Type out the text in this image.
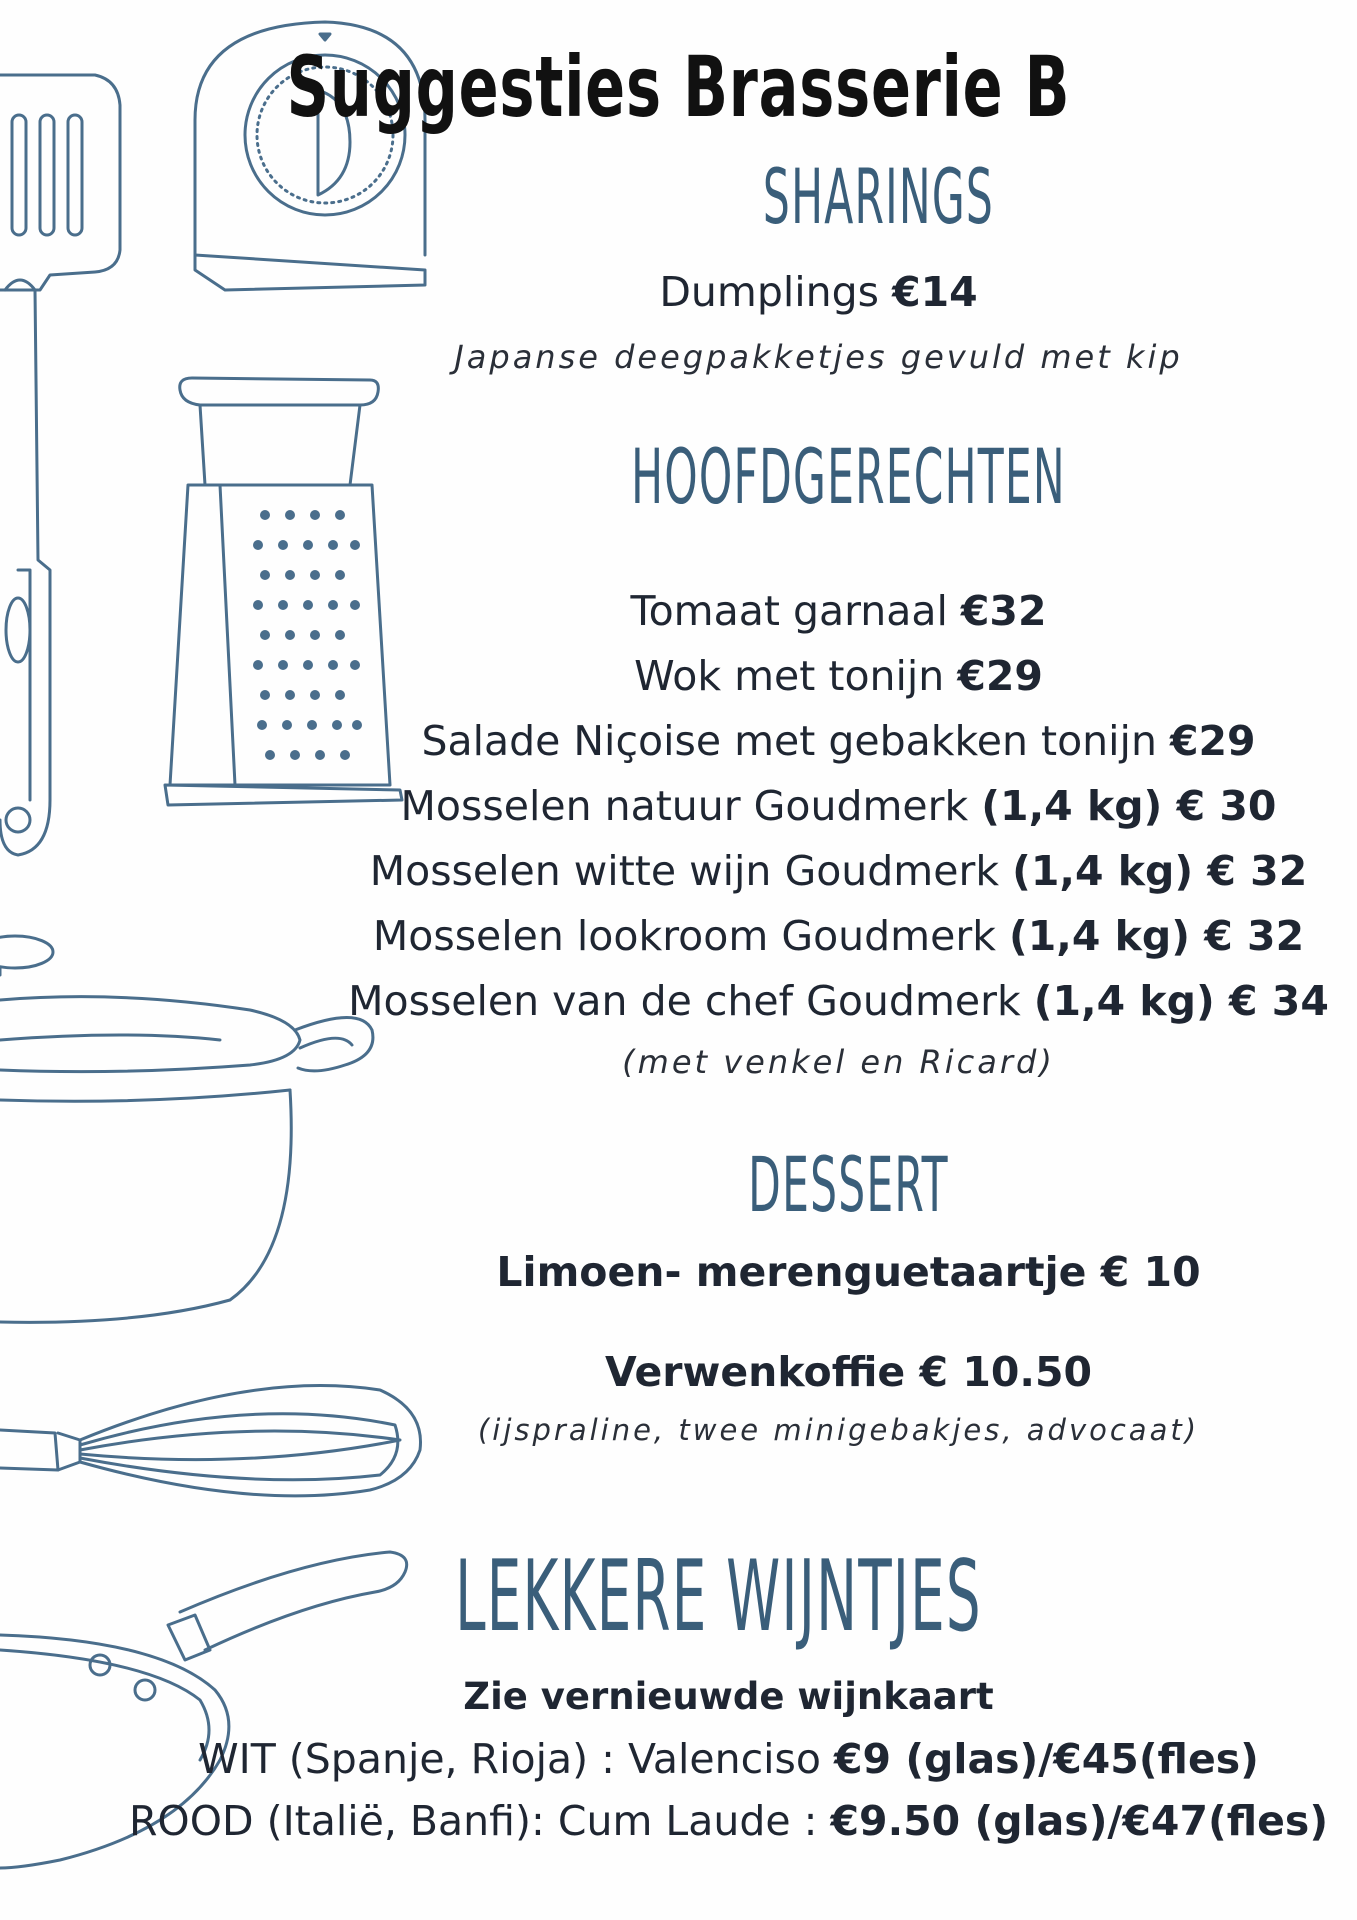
Suggesties Brasserie B
SHARINGS
Dumplings €14
Japanse deegpakketjes gevuld met kip
HOOFDGERECHTEN
Tomaat garnaal €32
Wok met tonijn €29
Salade Niçoise met gebakken tonijn €29
Mosselen natuur Goudmerk (1,4 kg) € 30
Mosselen witte wijn Goudmerk (1,4 kg) € 32
Mosselen lookroom Goudmerk (1,4 kg) € 32
Mosselen van de chef Goudmerk (1,4 kg) € 34
(met venkel en Ricard)
DESSERT
Limoen- merenguetaartje € 10
Verwenkoffie € 10.50
(ijspraline, twee minigebakjes, advocaat)
LEKKERE WIJNTJES
Zie vernieuwde wijnkaart
WIT (Spanje, Rioja) : Valenciso €9 (glas)/€45(fles)
ROOD (Italië, Banfi): Cum Laude : €9.50 (glas)/€47(fles)
